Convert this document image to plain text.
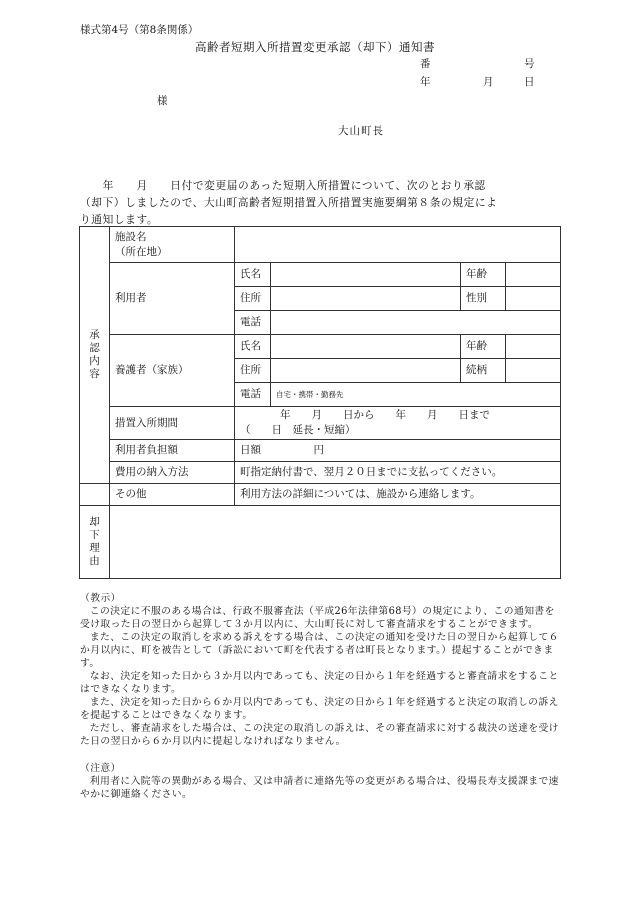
様式第4号（第8条関係）
高齢者短期入所措置変更承認（却下）通知書
番	号
年	月	日
様
大山町長
　　年　　月　　日付で変更届のあった短期入所措置について、次のとおり承認
（却下）しましたので、大山町高齢者短期措置入所措置実施要綱第８条の規定によ
り通知します。
承認内容	施設名
（所在地）				

	利用者	氏名		年齢	
		住所		性別	
		電話			
	養護者（家族）	氏名		年齢	
		住所		続柄	
		電話	自宅・携帯・勤務先		
	措置入所期間	年　　月　　日から　　年　　月　　日まで
（　　日　延長・短縮）			

	利用者負担額	日額　　　　　円			
	費用の納入方法	町指定納付書で、翌月２０日までに支払ってください。			
	その他	利用方法の詳細については、施設から連絡します。			

却下理由					

（教示）

この決定に不服のある場合は、行政不服審査法（平成26年法律第68号）の規定により、この通知書を受け取った日の翌日から起算して３か月以内に、大山町長に対して審査請求をすることができます。

また、この決定の取消しを求める訴えをする場合は、この決定の通知を受けた日の翌日から起算して６か月以内に、町を被告として（訴訟において町を代表する者は町長となります。）提起することができます。

なお、決定を知った日から３か月以内であっても、決定の日から１年を経過すると審査請求をすることはできなくなります。

また、決定を知った日から６か月以内であっても、決定の日から１年を経過すると決定の取消しの訴えを提起することはできなくなります。

ただし、審査請求をした場合は、この決定の取消しの訴えは、その審査請求に対する裁決の送達を受けた日の翌日から６か月以内に提起しなければなりません。

（注意）

利用者に入院等の異動がある場合、又は申請者に連絡先等の変更がある場合は、役場長寿支援課まで速やかに御連絡ください。
